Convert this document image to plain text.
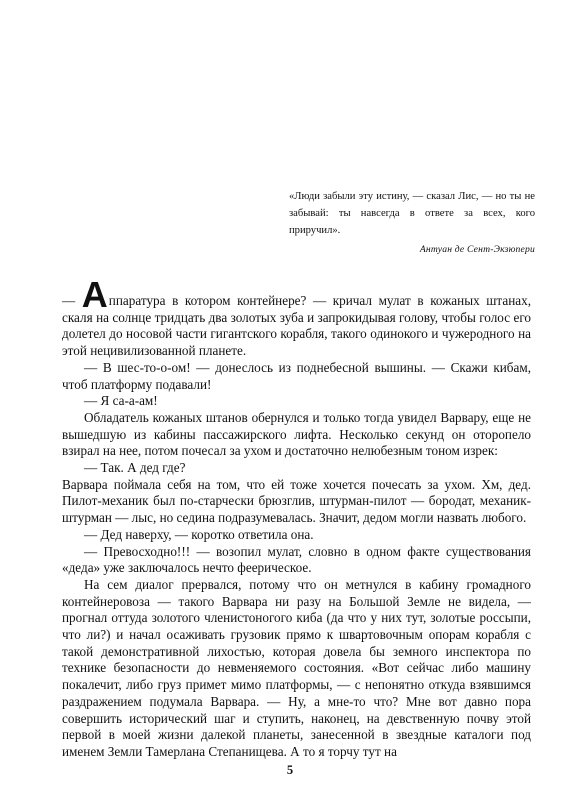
«Люди забыли эту истину, — сказал Лис, — но ты не забывай: ты навсегда в ответе за всех, кого приручил».

Антуан де Сент-Экзюпери

— Аппаратура в котором контейнере? — кричал мулат в кожаных штанах, скаля на солнце тридцать два золотых зуба и запрокидывая голову, чтобы голос его долетел до носовой части гигантского корабля, такого одинокого и чужеродного на этой нецивилизованной планете.

— В шес-то-о-ом! — донеслось из поднебесной вышины. — Скажи кибам, чтоб платформу подавали!

— Я са-а-ам!

Обладатель кожаных штанов обернулся и только тогда увидел Варвару, еще не вышедшую из кабины пассажирского лифта. Несколько секунд он оторопело взирал на нее, потом почесал за ухом и достаточно нелюбезным тоном изрек:

— Так. А дед где?

Варвара поймала себя на том, что ей тоже хочется почесать за ухом. Хм, дед. Пилот-механик был по-старчески брюзглив, штурман-пилот — бородат, механик-штурман — лыс, но седина подразумевалась. Значит, дедом могли назвать любого.

— Дед наверху, — коротко ответила она.

— Превосходно!!! — возопил мулат, словно в одном факте существования «деда» уже заключалось нечто феерическое.

На сем диалог прервался, потому что он метнулся в кабину громадного контейнеровоза — такого Варвара ни разу на Большой Земле не видела, — прогнал оттуда золотого членистоногого киба (да что у них тут, золотые россыпи, что ли?) и начал осаживать грузовик прямо к швартовочным опорам корабля с такой демонстративной лихостью, которая довела бы земного инспектора по технике безопасности до невменяемого состояния. «Вот сейчас либо машину покалечит, либо груз примет мимо платформы, — с непонятно откуда взявшимся раздражением подумала Варвара. — Ну, а мне-то что? Мне вот давно пора совершить исторический шаг и ступить, наконец, на девственную почву этой первой в моей жизни далекой планеты, занесенной в звездные каталоги под именем Земли Тамерлана Степанищева. А то я торчу тут на

5
